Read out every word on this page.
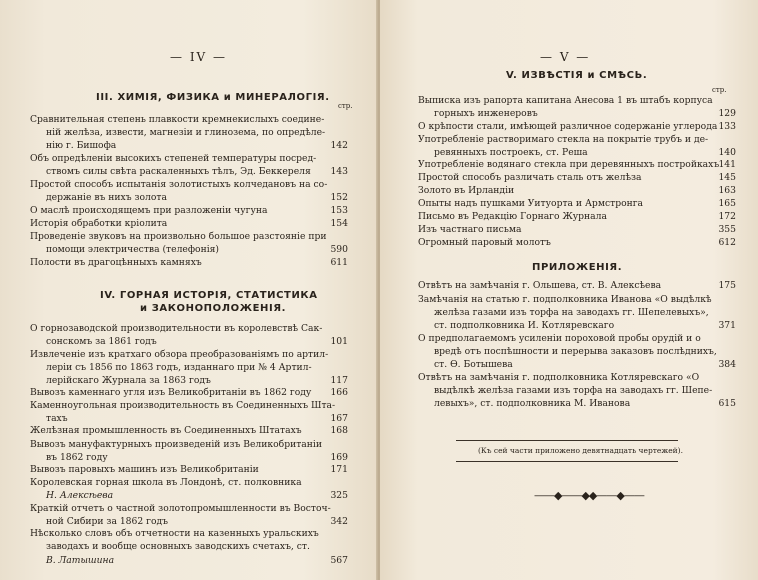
— IV —
III. ХИМІЯ, ФИЗИКА и МИНЕРАЛОГІЯ.
стр.
Сравнительная степень плавкости кремнекислыхъ соедине-
ній желѣза, извести, магнезіи и глинозема, по опредѣле-
нію г. Бишофа	142
Объ опредѣленіи высокихъ степеней температуры посред-
ствомъ силы свѣта раскаленныхъ тѣлъ, Эд. Беккереля	143
Простой способъ испытанія золотистыхъ колчедановъ на со-
держаніе въ нихъ золота	152
О маслѣ происходящемъ при разложеніи чугуна	153
Исторія обработки кріолита	154
Проведеніе звуковъ на произвольно большое разстояніе при
помощи электричества (телефонія)	590
Полости въ драгоцѣнныхъ камняхъ	611
IV. ГОРНАЯ ИСТОРІЯ, СТАТИСТИКА
и ЗАКОНОПОЛОЖЕНІЯ.
О горнозаводской производительности въ королевствѣ Сак-
сонскомъ за 1861 годъ	101
Извлеченіе изъ кратхаго обзора преобразованіямъ по артил-
леріи съ 1856 по 1863 годъ, изданнаго при № 4 Артил-
лерійскаго Журнала за 1863 годъ	117
Вывозъ каменнаго угля изъ Великобританіи въ 1862 году	166
Каменноугольная производительность въ Соединенныхъ Шта-
тахъ	167
Желѣзная промышленность въ Соединенныхъ Штатахъ	168
Вывозъ мануфактурныхъ произведеній изъ Великобританіи
въ 1862 году	169
Вывозъ паровыхъ машинъ изъ Великобританіи	171
Королевская горная школа въ Лондонѣ, ст. полковника
Н. Алексѣева	325
Краткій отчетъ о частной золотопромышленности въ Восточ-
ной Сибири за 1862 годъ	342
Нѣсколько словъ объ отчетности на казенныхъ уральскихъ
заводахъ и вообще основныхъ заводскихъ счетахъ, ст.
В. Латышина	567
— V —
V. ИЗВѢСТІЯ и СМѢСЬ.
стр.
Выписка изъ рапорта капитана Анесова 1 въ штабъ корпуса
горныхъ инженеровъ	129
О крѣпости стали, имѣющей различное содержаніе углерода 133
Употребленіе растворимаго стекла на покрытіе трубъ и де-
ревянныхъ построекъ, ст. Реша	140
Употребленіе водянаго стекла при деревянныхъ постройкахъ 141
Простой способъ различать сталь отъ желѣза	145
Золото въ Ирландіи	163
Опыты надъ пушками Уитуорта и Армстронга	165
Письмо въ Редакцію Горнаго Журнала	172
Изъ частнаго письма	355
Огромный паровый молотъ	612
ПРИЛОЖЕНІЯ.
Отвѣтъ на замѣчанія г. Ольшева, ст. В. Алексѣева	175
Замѣчанія на статью г. подполковника Иванова «О выдѣлкѣ
желѣза газами изъ торфа на заводахъ гг. Шепелевыхъ»,
ст. подполковника И. Котляревскаго	371
О предполагаемомъ усиленіи пороховой пробы орудій и о
вредѣ отъ поспѣшности и перерыва заказовъ послѣднихъ,
ст. Ѳ. Ботышева	384
Отвѣтъ на замѣчанія г. подполковника Котляревскаго «О
выдѣлкѣ желѣза газами изъ торфа на заводахъ гг. Шепе-
левыхъ», ст. подполковника М. Иванова	615
(Къ сей части приложено девятнадцать чертежей).
——◆——◆◆——◆——
